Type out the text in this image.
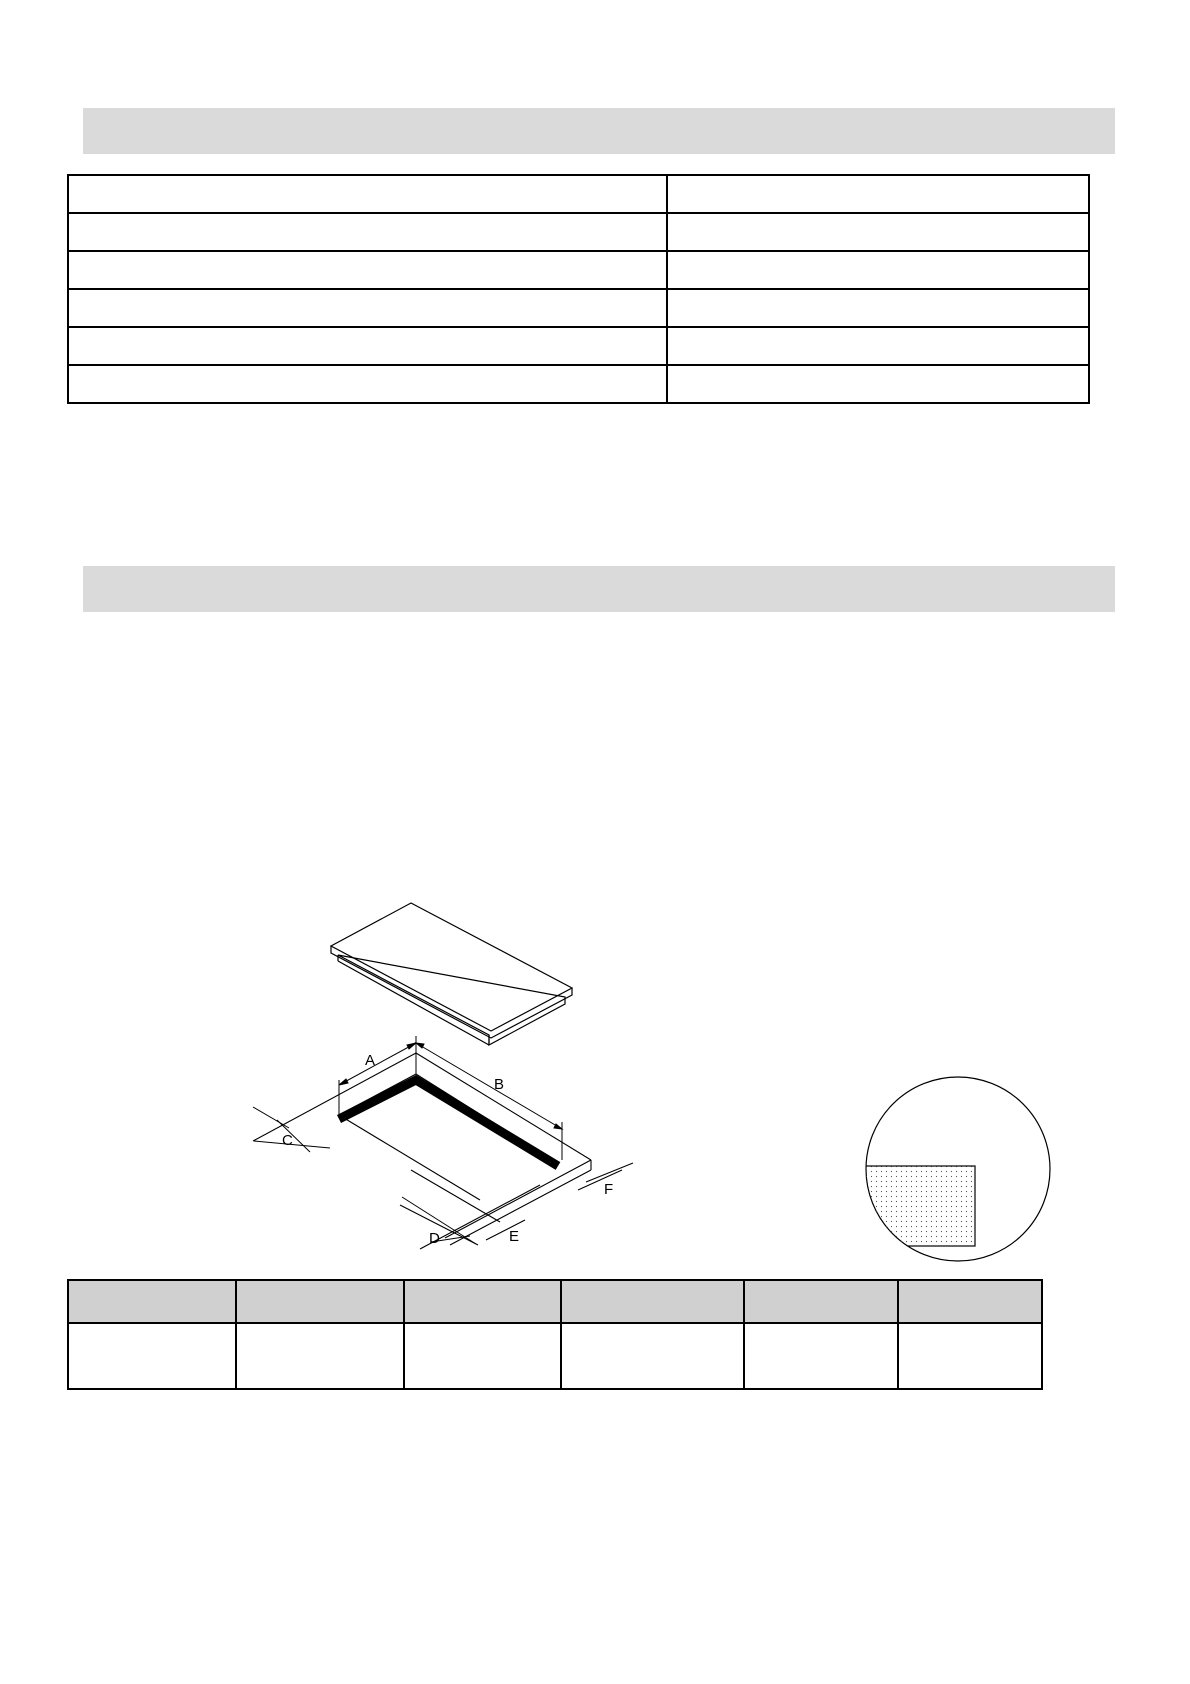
A
B
C
D	E
F
